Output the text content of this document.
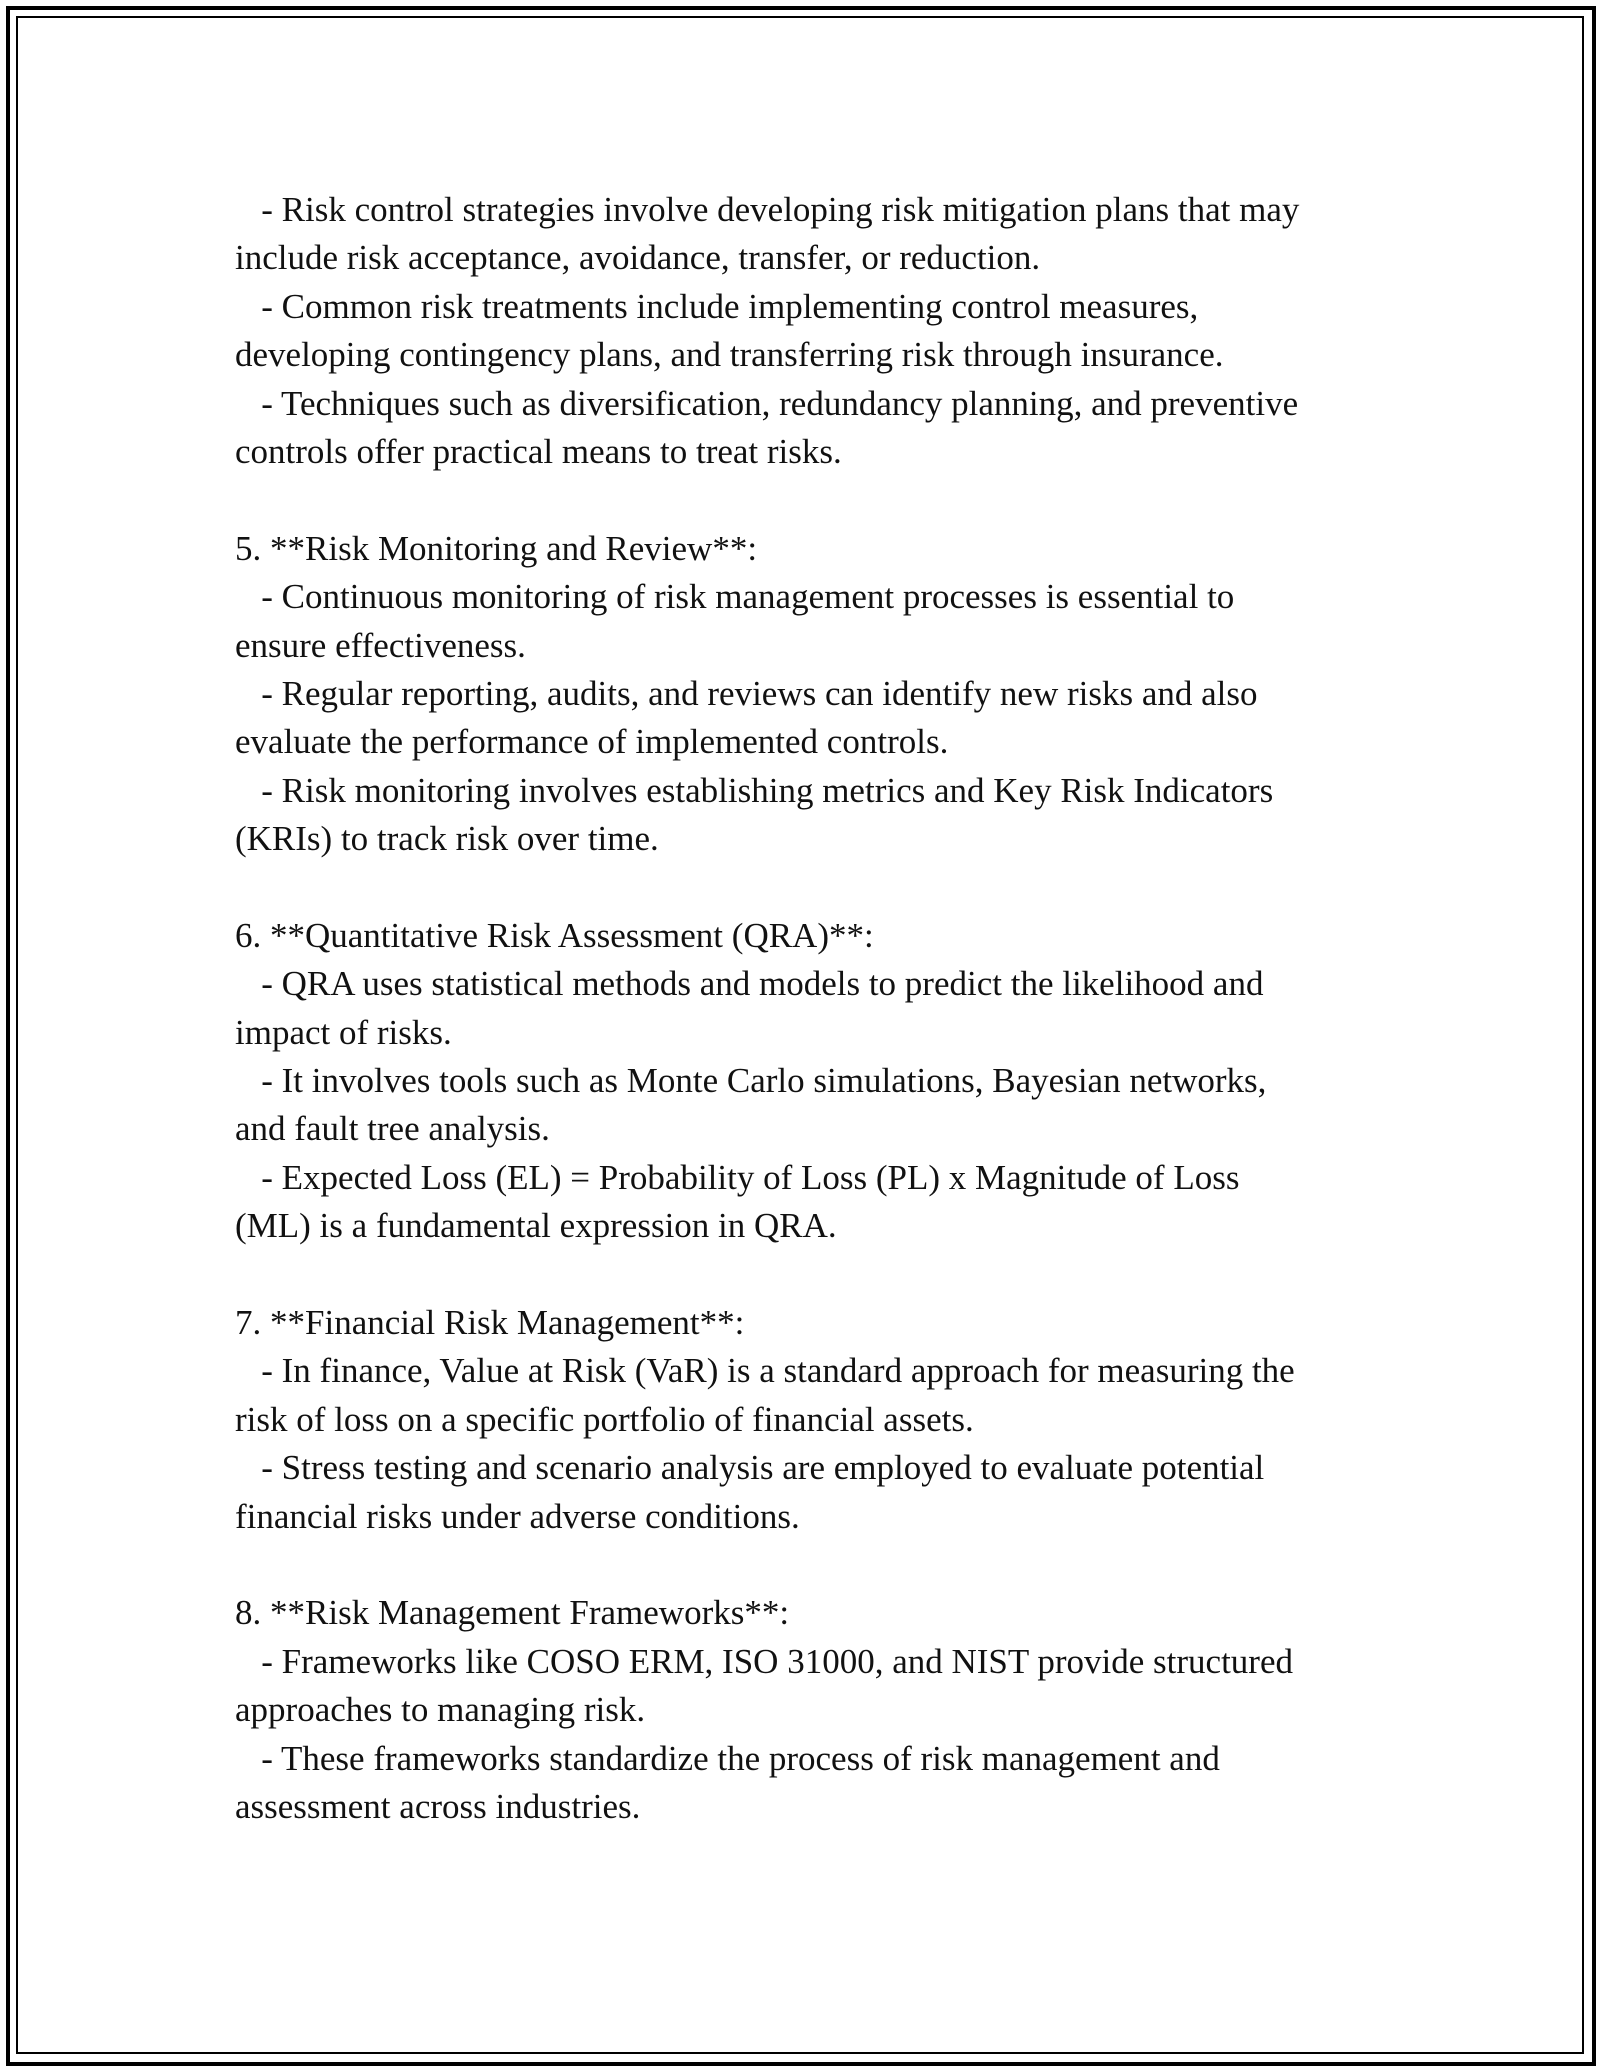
- Risk control strategies involve developing risk mitigation plans that may
include risk acceptance, avoidance, transfer, or reduction.
- Common risk treatments include implementing control measures,
developing contingency plans, and transferring risk through insurance.
- Techniques such as diversification, redundancy planning, and preventive
controls offer practical means to treat risks.
5. **Risk Monitoring and Review**:
- Continuous monitoring of risk management processes is essential to
ensure effectiveness.
- Regular reporting, audits, and reviews can identify new risks and also
evaluate the performance of implemented controls.
- Risk monitoring involves establishing metrics and Key Risk Indicators
(KRIs) to track risk over time.
6. **Quantitative Risk Assessment (QRA)**:
- QRA uses statistical methods and models to predict the likelihood and
impact of risks.
- It involves tools such as Monte Carlo simulations, Bayesian networks,
and fault tree analysis.
- Expected Loss (EL) = Probability of Loss (PL) x Magnitude of Loss
(ML) is a fundamental expression in QRA.
7. **Financial Risk Management**:
- In finance, Value at Risk (VaR) is a standard approach for measuring the
risk of loss on a specific portfolio of financial assets.
- Stress testing and scenario analysis are employed to evaluate potential
financial risks under adverse conditions.
8. **Risk Management Frameworks**:
- Frameworks like COSO ERM, ISO 31000, and NIST provide structured
approaches to managing risk.
- These frameworks standardize the process of risk management and
assessment across industries.
